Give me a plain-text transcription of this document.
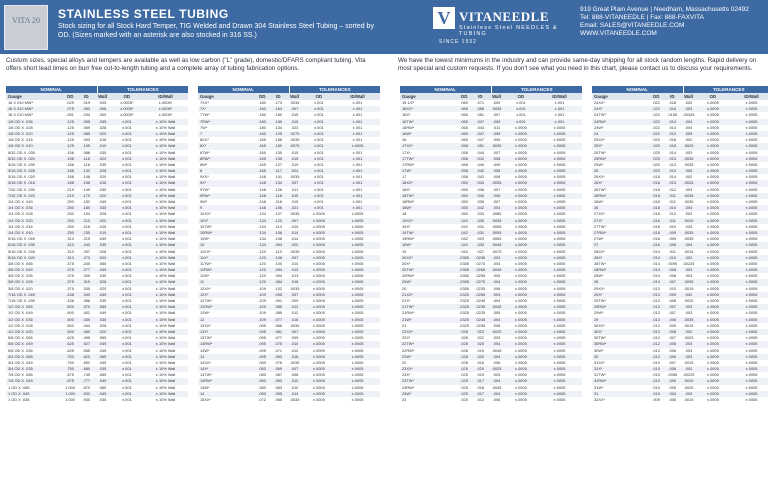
VITA 20	STAINLESS STEEL TUBING
Stock sizing for all Stock Hard Temper, TIG Welded and Drawn 304 Stainless Steel Tubing – sorted by OD. (Sizes marked with an asterisk are also stocked in 316 SS.)
V VITANEEDLE
Stainless Steel NEEDLES & TUBING
SINCE 1932
919 Great Plain Avenue | Needham, Massachusetts 02492
Tel: 888-VITANEEDLE | Fax: 888-FAXVITA
Email: SALES@VITANEEDLE.COM
WWW.VITANEEDLE.COM
Custom sizes, special alloys and tempers are available as well as low carbon ("L" grade), domestic/DFARS compliant tubing. Vita offers short lead times on burr free cut-to-length tubing and a complete array of tubing fabrication options.
We have the lowest minimums in the industry and can provide same-day shipping for all stock random lengths. Rapid delivery on most special and custom requests. If you don't see what you need in this chart, please contact us to discuss your requirements.
NOMINAL	TOLERANCES
Gauge	OD	ID	Wall	OD	ID/Wall
16 X 010 MW*	.029	.019	.005	±.0005*	±.0005*
16 X 012 MW*	.075	.053	.008	±.0005*	±.0005*
16 X 010 MW*	.051	.034	.009	±.0005*	±.0005*
1/8 OD X .035	.125	.055	.035	±.001	±.10% Wall
1/8 OD X .028	.125	.069	.028	±.001	±.10% Wall
1/8 OD X .020	.125	.085	.020	±.001	±.10% Wall
1/8 OD X .016	.125	.093	.016	±.001	±.10% Wall
1/8 OD X .010	.125	.105	.010	±.001	±.10% Wall
5/32 OD X .035	.156	.086	.035	±.001	±.10% Wall
5/32 OD X .020	.156	.116	.020	±.001	±.10% Wall
3/16 OD X .035	.188	.118	.035	±.001	±.10% Wall
3/16 OD X .028	.188	.132	.028	±.001	±.10% Wall
3/16 OD X .020	.188	.148	.020	±.001	±.10% Wall
3/16 OD X .016	.188	.156	.016	±.001	±.10% Wall
7/32 OD X .035	.219	.149	.035	±.001	±.10% Wall
7/32 OD X .020	.219	.179	.020	±.001	±.10% Wall
1/4 OD X .049	.250	.152	.049	±.001	±.10% Wall
1/4 OD X .035	.250	.180	.035	±.001	±.10% Wall
1/4 OD X .028	.250	.194	.028	±.001	±.10% Wall
1/4 OD X .020	.250	.210	.020	±.001	±.10% Wall
1/4 OD X .016	.250	.218	.016	±.001	±.10% Wall
1/4 OD X .010	.250	.230	.010	±.001	±.10% Wall
5/16 OD X .049	.313	.215	.049	±.001	±.10% Wall
5/16 OD X .035	.313	.243	.035	±.001	±.10% Wall
5/16 OD X .028	.313	.257	.028	±.001	±.10% Wall
5/16 OD X .020	.313	.273	.020	±.001	±.10% Wall
3/8 OD X .065	.375	.245	.065	±.001	±.10% Wall
3/8 OD X .049	.375	.277	.049	±.001	±.10% Wall
3/8 OD X .035	.375	.305	.035	±.001	±.10% Wall
3/8 OD X .028	.375	.319	.028	±.001	±.10% Wall
3/8 OD X .020	.375	.335	.020	±.001	±.10% Wall
7/16 OD X .049	.438	.340	.049	±.001	±.10% Wall
7/16 OD X .035	.438	.368	.035	±.001	±.10% Wall
1/2 OD X .065	.500	.370	.065	±.001	±.10% Wall
1/2 OD X .049	.500	.402	.049	±.001	±.10% Wall
1/2 OD X .035	.500	.430	.035	±.001	±.10% Wall
1/2 OD X .028	.500	.444	.028	±.001	±.10% Wall
1/2 OD X .020	.500	.460	.020	±.001	±.10% Wall
5/8 OD X .065	.625	.495	.065	±.001	±.10% Wall
5/8 OD X .049	.625	.527	.049	±.001	±.10% Wall
5/8 OD X .035	.625	.555	.035	±.001	±.10% Wall
3/4 OD X .065	.750	.620	.065	±.001	±.10% Wall
3/4 OD X .049	.750	.652	.049	±.001	±.10% Wall
3/4 OD X .035	.750	.680	.035	±.001	±.10% Wall
7/8 OD X .065	.875	.745	.065	±.001	±.10% Wall
7/8 OD X .049	.875	.777	.049	±.001	±.10% Wall
1 OD X .065	1.000	.870	.065	±.001	±.10% Wall
1 OD X .049	1.000	.902	.049	±.001	±.10% Wall
1 OD X .035	1.000	.930	.035	±.001	±.10% Wall
NOMINAL	TOLERANCES
Gauge	OD	ID	Wall	OD	ID/Wall
7XX*	.180	.173	.0035	±.001	±.001
7X*	.180	.164	.007	±.001	±.001
7TW*	.180	.150	.015	±.001	±.001
7RW*	.180	.150	.015	±.001	±.001
7W*	.180	.134	.023	±.001	±.001
7	.180	.125	.0275	±.001	±.001
8XX*	.165	.158	.0035	±.001	±.001
8X*	.165	.150	.0075	±.001	±.0005
8TW*	.165	.135	.015	±.001	±.001
8RW*	.165	.135	.015	±.001	±.001
8W*	.165	.127	.019	±.001	±.001
8	.165	.117	.024	±.001	±.001
9XX*	.148	.141	.0035	±.001	±.001
9X*	.148	.134	.007	±.001	±.001
9TW*	.148	.126	.011	±.001	±.001
9RW*	.148	.118	.015	±.001	±.001
9W*	.148	.118	.015	±.001	±.001
9	.148	.106	.021	±.001	±.001
10XX*	.134	.127	.0035	±.0005	±.0005
10X*	.134	.120	.007	±.0005	±.0005
10TW*	.134	.114	.010	±.0005	±.0005
10RW*	.134	.106	.014	±.0005	±.0005
10W*	.134	.106	.014	±.0005	±.0005
10	.134	.094	.020	±.0005	±.0005
11XX*	.120	.113	.0035	±.0005	±.0005
11X*	.120	.106	.007	±.0005	±.0005
11TW*	.120	.100	.010	±.0005	±.0005
11RW*	.120	.094	.013	±.0005	±.0005
11W*	.120	.094	.013	±.0005	±.0005
11	.120	.084	.018	±.0005	±.0005
12XX*	.109	.102	.0035	±.0005	±.0005
12X*	.109	.095	.007	±.0005	±.0005
12TW*	.109	.091	.009	±.0005	±.0005
12RW*	.109	.085	.012	±.0005	±.0005
12W*	.109	.085	.012	±.0005	±.0005
12	.109	.077	.016	±.0005	±.0005
13XX*	.095	.088	.0035	±.0005	±.0005
13X*	.095	.081	.007	±.0005	±.0005
13TW*	.095	.077	.009	±.0005	±.0005
13RW*	.095	.075	.010	±.0005	±.0005
13W*	.095	.071	.012	±.0005	±.0005
13	.095	.063	.016	±.0005	±.0005
14XX*	.083	.076	.0035	±.0005	±.0005
14X*	.083	.069	.007	±.0005	±.0005
14TW*	.083	.067	.008	±.0005	±.0005
14RW*	.083	.063	.010	±.0005	±.0005
14W*	.083	.063	.010	±.0005	±.0005
14	.083	.055	.014	±.0005	±.0005
15XX*	.072	.065	.0035	±.0005	±.0005
NOMINAL	TOLERANCES
Gauge	OD	ID	Wall	OD	ID/Wall
15 1/2*	.069	.071	.009	±.001	±.001
16XX*	.065	.058	.0035	±.001	±.001
16X*	.065	.051	.007	±.001	±.001
16TW*	.065	.047	.009	±.001	±.001
16RW*	.065	.043	.011	±.0005	±.0005
16W*	.065	.047	.009	±.0005	±.0005
16	.065	.047	.009	±.0005	±.0005
17XX*	.058	.051	.0035	±.0005	±.0005
17X*	.058	.044	.007	±.0005	±.0005
17TW*	.058	.042	.008	±.0005	±.0005
17RW*	.058	.040	.009	±.0005	±.0005
17W*	.058	.042	.008	±.0005	±.0005
17	.058	.042	.008	±.0005	±.0005
18XX*	.050	.043	.0035	±.0005	±.0005
18X*	.050	.036	.007	±.0005	±.0005
18TW*	.050	.040	.005	±.0005	±.0005
18RW*	.050	.036	.007	±.0005	±.0005
18W*	.050	.042	.004	±.0005	±.0005
18	.050	.033	.0085	±.0005	±.0005
19XX*	.042	.035	.0035	±.0005	±.0005
19X*	.042	.031	.0055	±.0005	±.0005
19TW*	.042	.031	.0055	±.0005	±.0005
19RW*	.042	.029	.0065	±.0005	±.0005
19W*	.042	.033	.0045	±.0005	±.0005
19	.042	.027	.0075	±.0005	±.0005
20XX*	.0355	.0295	.003	±.0005	±.0005
20X*	.0355	.0275	.004	±.0005	±.0005
20TW*	.0355	.0265	.0045	±.0005	±.0005
20RW*	.0355	.0255	.005	±.0005	±.0005
20W*	.0355	.0275	.004	±.0005	±.0005
20	.0355	.0235	.006	±.0005	±.0005
21XX*	.0325	.0265	.003	±.0005	±.0005
21X*	.0325	.0245	.004	±.0005	±.0005
21TW*	.0325	.0235	.0045	±.0005	±.0005
21RW*	.0325	.0225	.005	±.0005	±.0005
21W*	.0325	.0245	.004	±.0005	±.0005
21	.0325	.0205	.006	±.0005	±.0005
22XX*	.028	.023	.0025	±.0005	±.0005
22X*	.028	.022	.003	±.0005	±.0005
22TW*	.028	.020	.004	±.0005	±.0005
22RW*	.028	.019	.0045	±.0005	±.0005
22W*	.028	.020	.004	±.0005	±.0005
22	.028	.016	.006	±.0005	±.0005
23XX*	.025	.020	.0025	±.0005	±.0005
23X*	.025	.019	.003	±.0005	±.0005
23TW*	.025	.017	.004	±.0005	±.0005
23RW*	.025	.016	.0045	±.0005	±.0005
23W*	.025	.017	.004	±.0005	±.0005
23	.025	.013	.006	±.0005	±.0005
NOMINAL	TOLERANCES
Gauge	OD	ID	Wall	OD	ID/Wall
24XX*	.022	.018	.002	±.0005	±.0005
24X*	.022	.016	.003	±.0005	±.0005
24TW*	.022	.0155	.00325	±.0005	±.0005
24RW*	.022	.014	.004	±.0005	±.0005
24W*	.022	.014	.004	±.0005	±.0005
24	.022	.012	.005	±.0005	±.0005
25XX*	.020	.016	.002	±.0005	±.0005
25X*	.020	.015	.0025	±.0005	±.0005
25TW*	.020	.014	.003	±.0005	±.0005
25RW*	.020	.013	.0035	±.0005	±.0005
25W*	.020	.013	.0035	±.0005	±.0005
25	.020	.010	.005	±.0005	±.0005
26XX*	.018	.014	.002	±.0005	±.0005
26X*	.018	.013	.0025	±.0005	±.0005
26TW*	.018	.012	.003	±.0005	±.0005
26RW*	.018	.011	.0035	±.0005	±.0005
26W*	.018	.011	.0035	±.0005	±.0005
26	.018	.010	.004	±.0005	±.0005
27XX*	.016	.012	.002	±.0005	±.0005
27X*	.016	.011	.0025	±.0005	±.0005
27TW*	.016	.010	.003	±.0005	±.0005
27RW*	.016	.009	.0035	±.0005	±.0005
27W*	.016	.009	.0035	±.0005	±.0005
27	.016	.008	.004	±.0005	±.0005
28XX*	.014	.011	.0015	±.0005	±.0005
28X*	.014	.010	.002	±.0005	±.0005
28TW*	.014	.0095	.00225	±.0005	±.0005
28RW*	.014	.008	.003	±.0005	±.0005
28W*	.014	.008	.003	±.0005	±.0005
28	.014	.007	.0035	±.0005	±.0005
29XX*	.013	.010	.0015	±.0005	±.0005
29X*	.013	.009	.002	±.0005	±.0005
29TW*	.013	.008	.0025	±.0005	±.0005
29RW*	.013	.007	.003	±.0005	±.0005
29W*	.013	.007	.003	±.0005	±.0005
29	.013	.006	.0035	±.0005	±.0005
30XX*	.012	.009	.0015	±.0005	±.0005
30X*	.012	.008	.002	±.0005	±.0005
30TW*	.012	.007	.0025	±.0005	±.0005
30RW*	.012	.006	.003	±.0005	±.0005
30W*	.012	.006	.003	±.0005	±.0005
30	.012	.006	.003	±.0005	±.0005
31XX*	.010	.007	.0015	±.0005	±.0005
31X*	.010	.006	.002	±.0005	±.0005
31TW*	.010	.0055	.00225	±.0005	±.0005
31RW*	.010	.005	.0025	±.0005	±.0005
31W*	.010	.005	.0025	±.0005	±.0005
31	.010	.004	.003	±.0005	±.0005
32XX*	.009	.006	.0015	±.0005	±.0005
